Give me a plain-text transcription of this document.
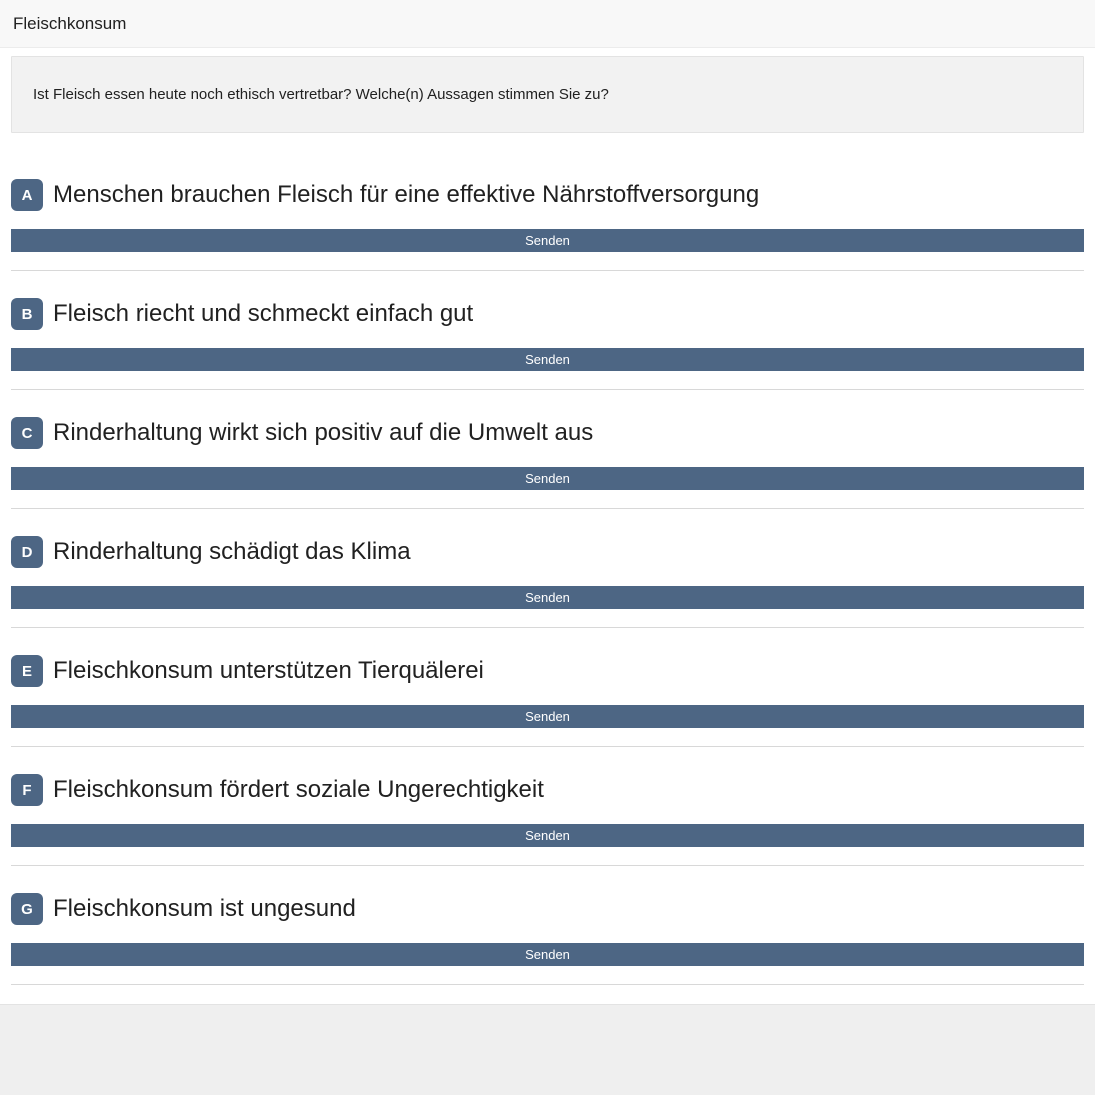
Fleischkonsum
Ist Fleisch essen heute noch ethisch vertretbar? Welche(n) Aussagen stimmen Sie zu?
A Menschen brauchen Fleisch für eine effektive Nährstoffversorgung
Senden
B Fleisch riecht und schmeckt einfach gut
Senden
C Rinderhaltung wirkt sich positiv auf die Umwelt aus
Senden
D Rinderhaltung schädigt das Klima
Senden
E Fleischkonsum unterstützen Tierquälerei
Senden
F Fleischkonsum fördert soziale Ungerechtigkeit
Senden
G Fleischkonsum ist ungesund
Senden
